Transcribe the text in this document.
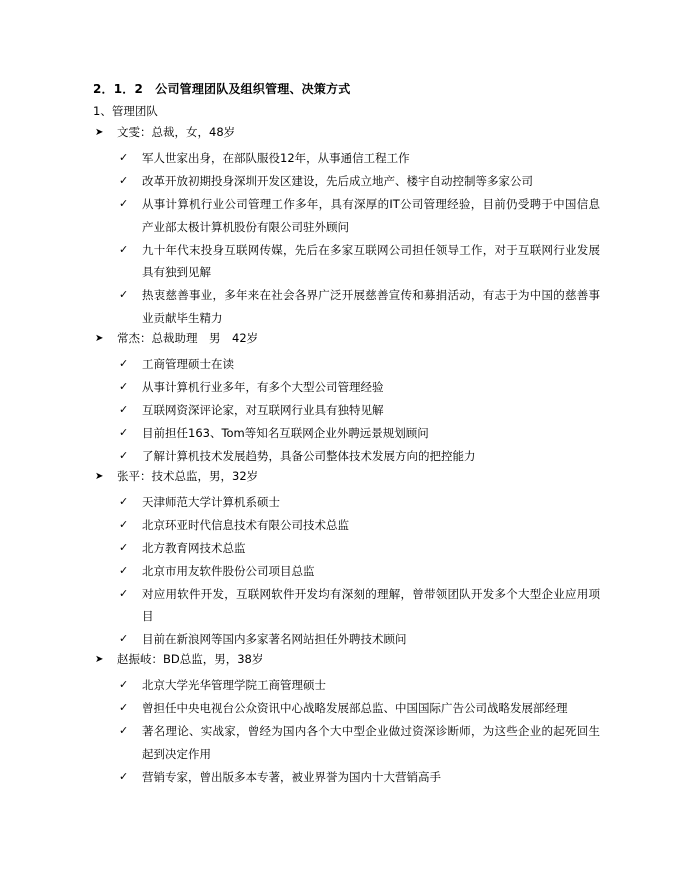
2．1．2　公司管理团队及组织管理、决策方式
1、管理团队
➤ 文雯：总裁，女，48岁
✓ 军人世家出身，在部队服役12年，从事通信工程工作
✓ 改革开放初期投身深圳开发区建设，先后成立地产、楼宇自动控制等多家公司
✓ 从事计算机行业公司管理工作多年，具有深厚的IT公司管理经验，目前仍受聘于中国信息产业部太极计算机股份有限公司驻外顾问
✓ 九十年代末投身互联网传媒，先后在多家互联网公司担任领导工作，对于互联网行业发展具有独到见解
✓ 热衷慈善事业，多年来在社会各界广泛开展慈善宣传和募捐活动，有志于为中国的慈善事业贡献毕生精力
➤ 常杰：总裁助理　男　42岁
✓ 工商管理硕士在读
✓ 从事计算机行业多年，有多个大型公司管理经验
✓ 互联网资深评论家，对互联网行业具有独特见解
✓ 目前担任163、Tom等知名互联网企业外聘远景规划顾问
✓ 了解计算机技术发展趋势，具备公司整体技术发展方向的把控能力
➤ 张平：技术总监，男，32岁
✓ 天津师范大学计算机系硕士
✓ 北京环亚时代信息技术有限公司技术总监
✓ 北方教育网技术总监
✓ 北京市用友软件股份公司项目总监
✓ 对应用软件开发，互联网软件开发均有深刻的理解，曾带领团队开发多个大型企业应用项目
✓ 目前在新浪网等国内多家著名网站担任外聘技术顾问
➤ 赵振岐：BD总监，男，38岁
✓ 北京大学光华管理学院工商管理硕士
✓ 曾担任中央电视台公众资讯中心战略发展部总监、中国国际广告公司战略发展部经理
✓ 著名理论、实战家，曾经为国内各个大中型企业做过资深诊断师，为这些企业的起死回生起到决定作用
✓ 营销专家，曾出版多本专著，被业界誉为国内十大营销高手
